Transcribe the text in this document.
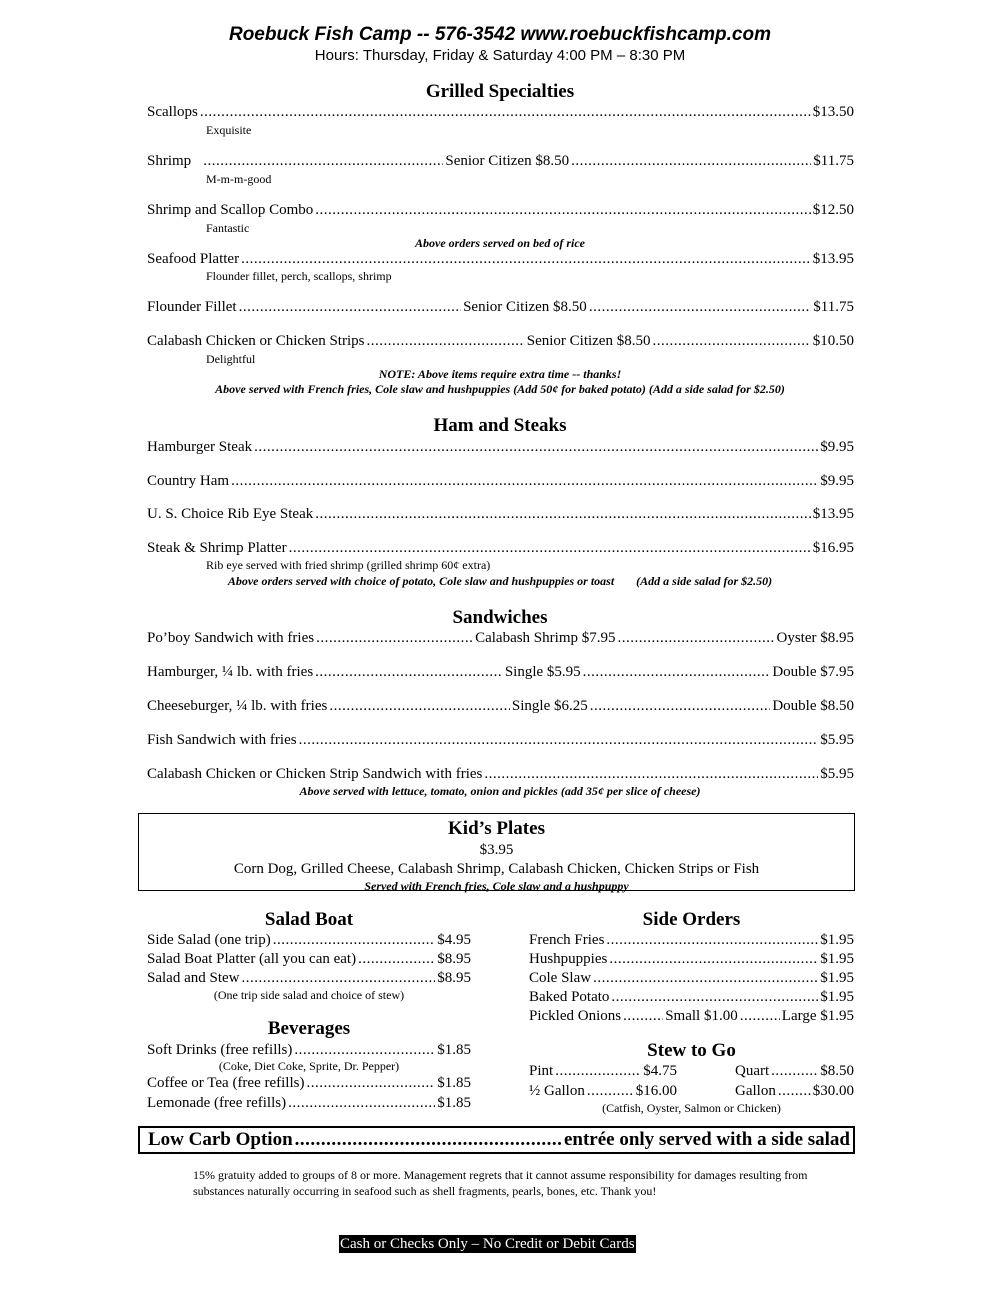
Roebuck Fish Camp -- 576-3542 www.roebuckfishcamp.com
Hours: Thursday, Friday & Saturday 4:00 PM – 8:30 PM
Grilled Specialties
Scallops .....	$13.50
Exquisite
Shrimp .....	Senior Citizen $8.50 .....	$11.75
M-m-m-good
Shrimp and Scallop Combo .....	$12.50
Fantastic
Above orders served on bed of rice
Seafood Platter .....	$13.95
Flounder fillet, perch, scallops, shrimp
Flounder Fillet .....	Senior Citizen $8.50 .....	$11.75
Calabash Chicken or Chicken Strips .....	Senior Citizen $8.50 .....	$10.50
Delightful
NOTE: Above items require extra time -- thanks!
Above served with French fries, Cole slaw and hushpuppies (Add 50¢ for baked potato) (Add a side salad for $2.50)
Ham and Steaks
Hamburger Steak .....	$9.95
Country Ham .....	$9.95
U. S. Choice Rib Eye Steak .....	$13.95
Steak & Shrimp Platter .....	$16.95
Rib eye served with fried shrimp (grilled shrimp 60¢ extra)
Above orders served with choice of potato, Cole slaw and hushpuppies or toast (Add a side salad for $2.50)
Sandwiches
Po’boy Sandwich with fries .....	Calabash Shrimp $7.95 .....	Oyster $8.95
Hamburger, ¼ lb. with fries .....	Single $5.95 .....	Double $7.95
Cheeseburger, ¼ lb. with fries .....	Single $6.25 .....	Double $8.50
Fish Sandwich with fries .....	$5.95
Calabash Chicken or Chicken Strip Sandwich with fries .....	$5.95
Above served with lettuce, tomato, onion and pickles (add 35¢ per slice of cheese)
Kid’s Plates
$3.95
Corn Dog, Grilled Cheese, Calabash Shrimp, Calabash Chicken, Chicken Strips or Fish
Served with French fries, Cole slaw and a hushpuppy
Salad Boat
Side Salad (one trip) .....	$4.95
Salad Boat Platter (all you can eat) .....	$8.95
Salad and Stew .....	$8.95
(One trip side salad and choice of stew)
Beverages
Soft Drinks (free refills) .....	$1.85
(Coke, Diet Coke, Sprite, Dr. Pepper)
Coffee or Tea (free refills) .....	$1.85
Lemonade (free refills) .....	$1.85
Side Orders
French Fries .....	$1.95
Hushpuppies .....	$1.95
Cole Slaw .....	$1.95
Baked Potato .....	$1.95
Pickled Onions .....	Small $1.00 .....	Large $1.95
Stew to Go
Pint .....	$4.75	Quart .....	$8.50
½ Gallon .....	$16.00	Gallon ..... $30.00
(Catfish, Oyster, Salmon or Chicken)
Low Carb Option .....	entrée only served with a side salad
15% gratuity added to groups of 8 or more. Management regrets that it cannot assume responsibility for damages resulting from substances naturally occurring in seafood such as shell fragments, pearls, bones, etc. Thank you!
Cash or Checks Only – No Credit or Debit Cards
